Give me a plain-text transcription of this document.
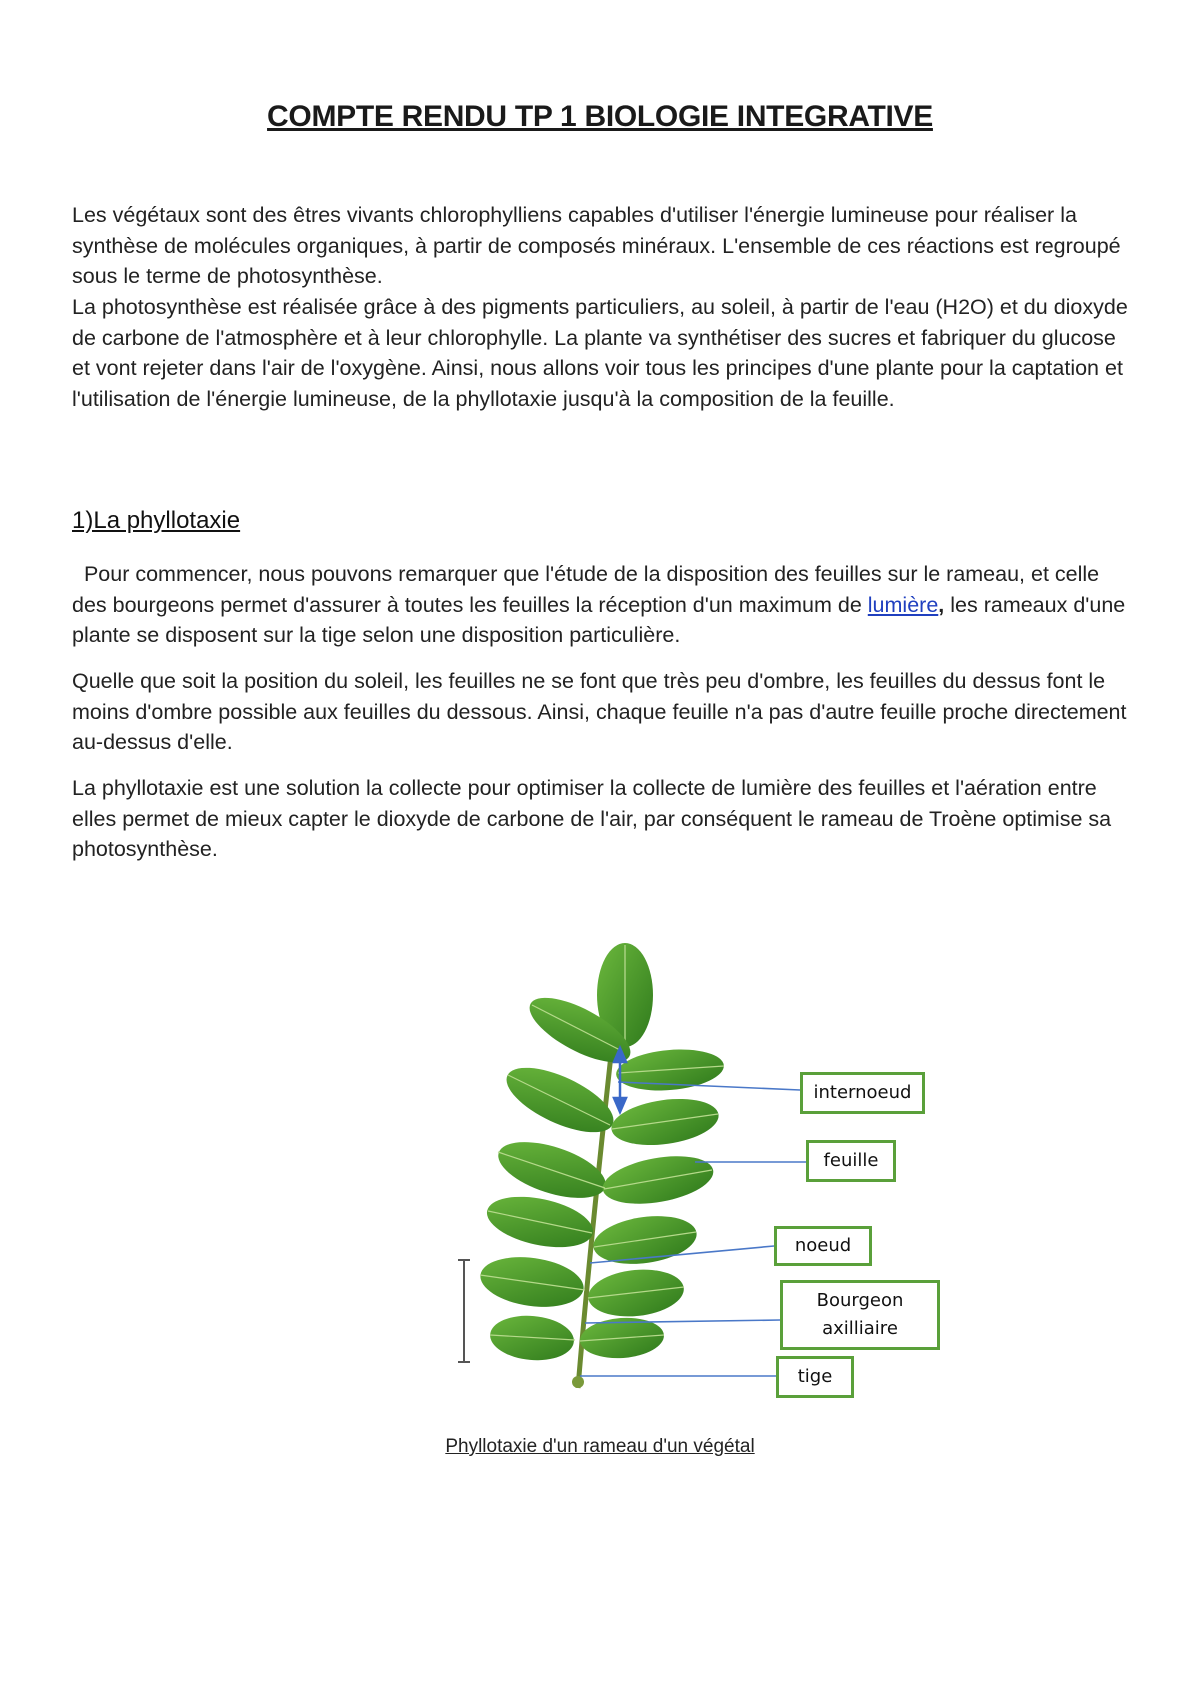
COMPTE RENDU TP 1 BIOLOGIE INTEGRATIVE

Les végétaux sont des êtres vivants chlorophylliens capables d'utiliser l'énergie lumineuse pour réaliser la synthèse de molécules organiques, à partir de composés minéraux. L'ensemble de ces réactions est regroupé sous le terme de photosynthèse.

La photosynthèse est réalisée grâce à des pigments particuliers, au soleil, à partir de l'eau (H2O) et du dioxyde de carbone de l'atmosphère et à leur chlorophylle. La plante va synthétiser des sucres et fabriquer du glucose et vont rejeter dans l'air de l'oxygène. Ainsi, nous allons voir tous les principes d'une plante pour la captation et l'utilisation de l'énergie lumineuse, de la phyllotaxie jusqu'à la composition de la feuille.

1)La phyllotaxie

Pour commencer, nous pouvons remarquer que l'étude de la disposition des feuilles sur le rameau, et celle des bourgeons permet d'assurer à toutes les feuilles la réception d'un maximum de lumière, les rameaux d'une plante se disposent sur la tige selon une disposition particulière.

Quelle que soit la position du soleil, les feuilles ne se font que très peu d'ombre, les feuilles du dessus font le moins d'ombre possible aux feuilles du dessous. Ainsi, chaque feuille n'a pas d'autre feuille proche directement au-dessus d'elle.

La phyllotaxie est une solution la collecte pour optimiser la collecte de lumière des feuilles et l'aération entre elles permet de mieux capter le dioxyde de carbone de l'air, par conséquent le rameau de Troène optimise sa photosynthèse.

internoeud
feuille
noeud
Bourgeon
axilliaire
tige
Phyllotaxie d'un rameau d'un végétal
